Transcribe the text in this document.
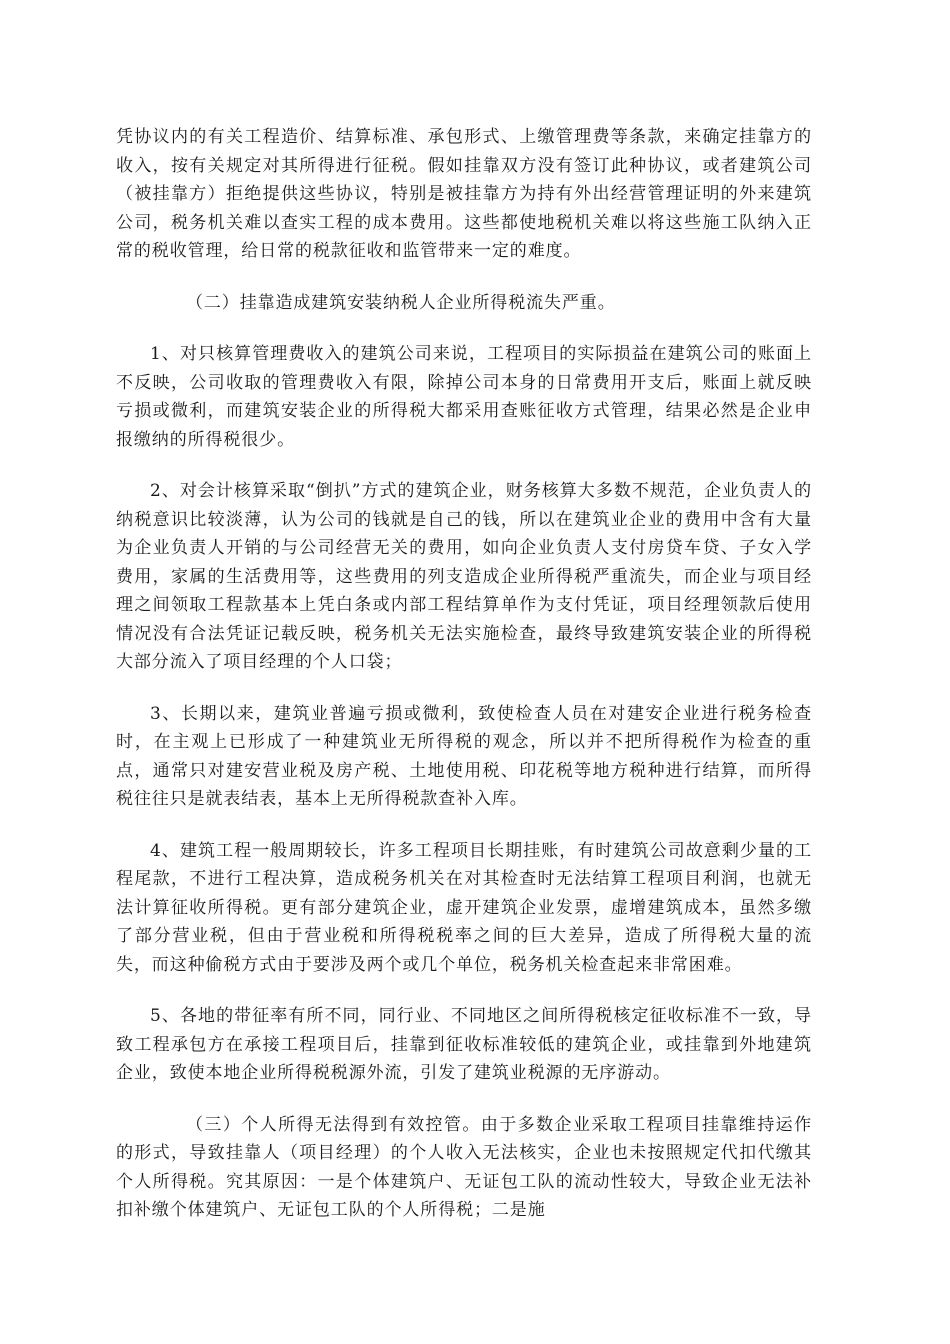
凭协议内的有关工程造价、结算标准、承包形式、上缴管理费等条款，来确定挂靠方的收入，按有关规定对其所得进行征税。假如挂靠双方没有签订此种协议，或者建筑公司（被挂靠方）拒绝提供这些协议，特别是被挂靠方为持有外出经营管理证明的外来建筑公司，税务机关难以查实工程的成本费用。这些都使地税机关难以将这些施工队纳入正常的税收管理，给日常的税款征收和监管带来一定的难度。

（二）挂靠造成建筑安装纳税人企业所得税流失严重。

1、对只核算管理费收入的建筑公司来说，工程项目的实际损益在建筑公司的账面上不反映，公司收取的管理费收入有限，除掉公司本身的日常费用开支后，账面上就反映亏损或微利，而建筑安装企业的所得税大都采用查账征收方式管理，结果必然是企业申报缴纳的所得税很少。

2、对会计核算采取“倒扒”方式的建筑企业，财务核算大多数不规范，企业负责人的纳税意识比较淡薄，认为公司的钱就是自己的钱，所以在建筑业企业的费用中含有大量为企业负责人开销的与公司经营无关的费用，如向企业负责人支付房贷车贷、子女入学费用，家属的生活费用等，这些费用的列支造成企业所得税严重流失，而企业与项目经理之间领取工程款基本上凭白条或内部工程结算单作为支付凭证，项目经理领款后使用情况没有合法凭证记载反映，税务机关无法实施检查，最终导致建筑安装企业的所得税大部分流入了项目经理的个人口袋；

3、长期以来，建筑业普遍亏损或微利，致使检查人员在对建安企业进行税务检查时，在主观上已形成了一种建筑业无所得税的观念，所以并不把所得税作为检查的重点，通常只对建安营业税及房产税、土地使用税、印花税等地方税种进行结算，而所得税往往只是就表结表，基本上无所得税款查补入库。

4、建筑工程一般周期较长，许多工程项目长期挂账，有时建筑公司故意剩少量的工程尾款，不进行工程决算，造成税务机关在对其检查时无法结算工程项目利润，也就无法计算征收所得税。更有部分建筑企业，虚开建筑企业发票，虚增建筑成本，虽然多缴了部分营业税，但由于营业税和所得税税率之间的巨大差异，造成了所得税大量的流失，而这种偷税方式由于要涉及两个或几个单位，税务机关检查起来非常困难。

5、各地的带征率有所不同，同行业、不同地区之间所得税核定征收标准不一致，导致工程承包方在承接工程项目后，挂靠到征收标准较低的建筑企业，或挂靠到外地建筑企业，致使本地企业所得税税源外流，引发了建筑业税源的无序游动。

（三）个人所得无法得到有效控管。由于多数企业采取工程项目挂靠维持运作的形式，导致挂靠人（项目经理）的个人收入无法核实，企业也未按照规定代扣代缴其个人所得税。究其原因：一是个体建筑户、无证包工队的流动性较大，导致企业无法补扣补缴个体建筑户、无证包工队的个人所得税；二是施
